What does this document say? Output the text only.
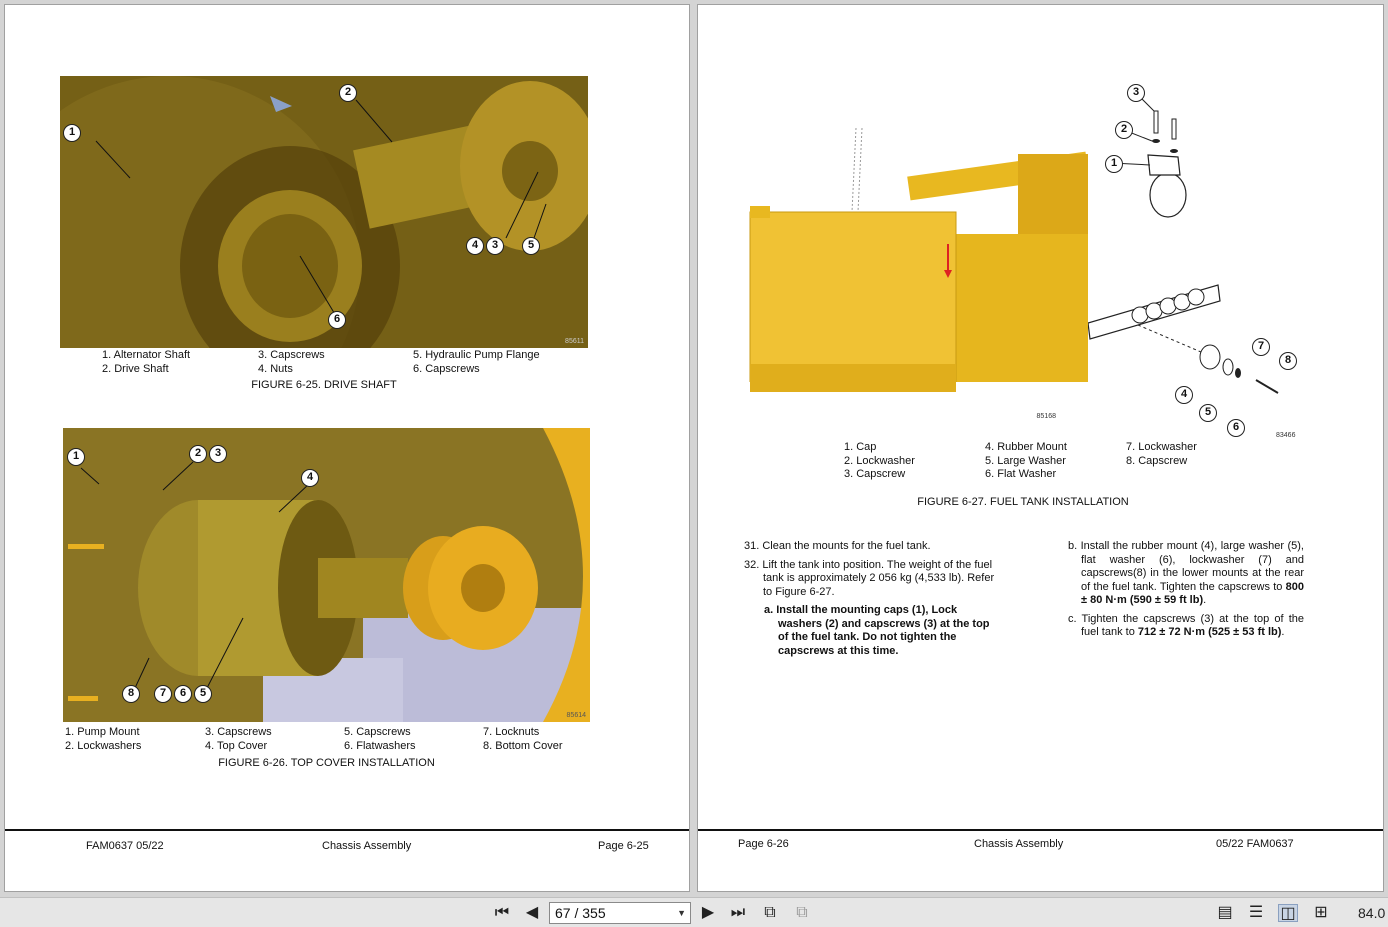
1
2
4	3	5
6
85611
1. Alternator Shaft
2. Drive Shaft
3. Capscrews
4. Nuts
5. Hydraulic Pump Flange
6. Capscrews
FIGURE 6-25. DRIVE SHAFT
1	2	3
4
8	7	6	5
85614
1. Pump Mount
2. Lockwashers
3. Capscrews
4. Top Cover
5. Capscrews
6. Flatwashers
7. Locknuts
8. Bottom Cover
FIGURE 6-26. TOP COVER INSTALLATION
FAM0637 05/22	Chassis Assembly	Page 6-25
85168
3
2
1
7
8
4
5
6
83466
1. Cap
2. Lockwasher
3. Capscrew
4. Rubber Mount
5. Large Washer
6. Flat Washer
7. Lockwasher
8. Capscrew
FIGURE 6-27. FUEL TANK INSTALLATION

31. Clean the mounts for the fuel tank.

32. Lift the tank into position. The weight of the fuel tank is approximately 2 056 kg (4,533 lb). Refer to Figure 6-27.

a. Install the mounting caps (1), Lock washers (2) and capscrews (3) at the top of the fuel tank. Do not tighten the capscrews at this time.

b. Install the rubber mount (4), large washer (5), flat washer (6), lockwasher (7) and capscrews(8) in the lower mounts at the rear of the fuel tank. Tighten the capscrews to 800 ± 80 N·m (590 ± 59 ft lb).

c. Tighten the capscrews (3) at the top of the fuel tank to 712 ± 72 N·m (525 ± 53 ft lb).

Page 6-26	Chassis Assembly	05/22 FAM0637
⏮ ◀	67 / 355	▼ ▶ ⏭ ⧉ ⧉	▤ ☰ ◫ ⊞ 84.0
